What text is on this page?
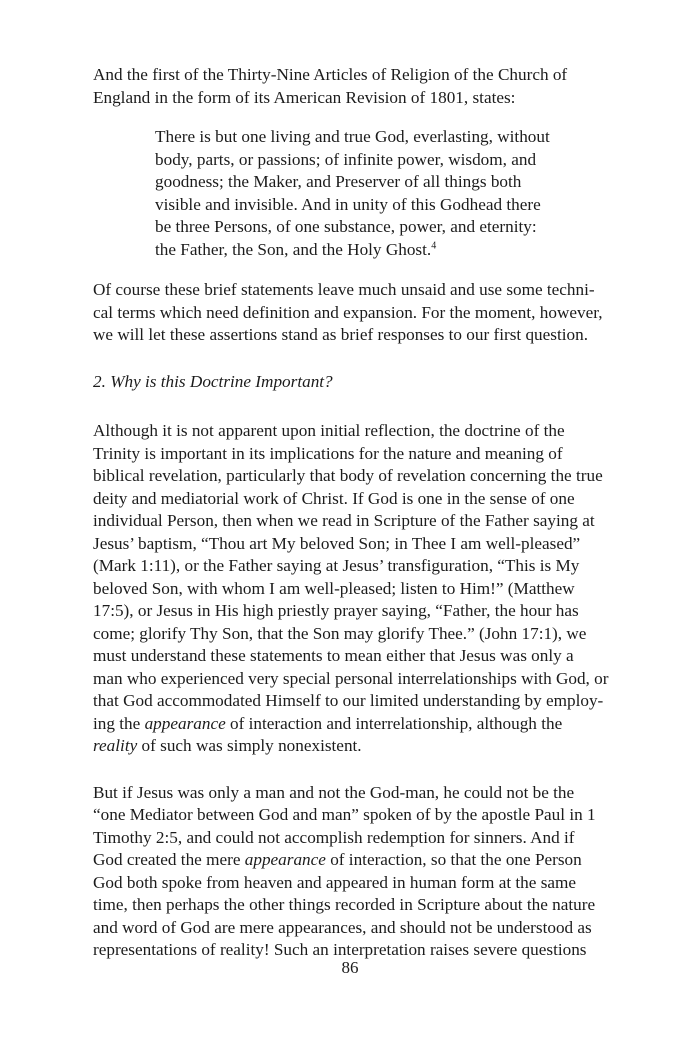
And the first of the Thirty-Nine Articles of Religion of the Church of
England in the form of its American Revision of 1801, states:

There is but one living and true God, everlasting, without
body, parts, or passions; of infinite power, wisdom, and
goodness; the Maker, and Preserver of all things both
visible and invisible. And in unity of this Godhead there
be three Persons, of one substance, power, and eternity:
the Father, the Son, and the Holy Ghost.$^4$

Of course these brief statements leave much unsaid and use some techni-
cal terms which need definition and expansion. For the moment, however,
we will let these assertions stand as brief responses to our first question.

2. Why is this Doctrine Important?

Although it is not apparent upon initial reflection, the doctrine of the
Trinity is important in its implications for the nature and meaning of
biblical revelation, particularly that body of revelation concerning the true
deity and mediatorial work of Christ. If God is one in the sense of one
individual Person, then when we read in Scripture of the Father saying at
Jesus’ baptism, “Thou art My beloved Son; in Thee I am well-pleased”
(Mark 1:11), or the Father saying at Jesus’ transfiguration, “This is My
beloved Son, with whom I am well-pleased; listen to Him!” (Matthew
17:5), or Jesus in His high priestly prayer saying, “Father, the hour has
come; glorify Thy Son, that the Son may glorify Thee.” (John 17:1), we
must understand these statements to mean either that Jesus was only a
man who experienced very special personal interrelationships with God, or
that God accommodated Himself to our limited understanding by employ-
ing the appearance of interaction and interrelationship, although the
reality of such was simply nonexistent.

But if Jesus was only a man and not the God-man, he could not be the
“one Mediator between God and man” spoken of by the apostle Paul in 1
Timothy 2:5, and could not accomplish redemption for sinners. And if
God created the mere appearance of interaction, so that the one Person
God both spoke from heaven and appeared in human form at the same
time, then perhaps the other things recorded in Scripture about the nature
and word of God are mere appearances, and should not be understood as
representations of reality! Such an interpretation raises severe questions

86
